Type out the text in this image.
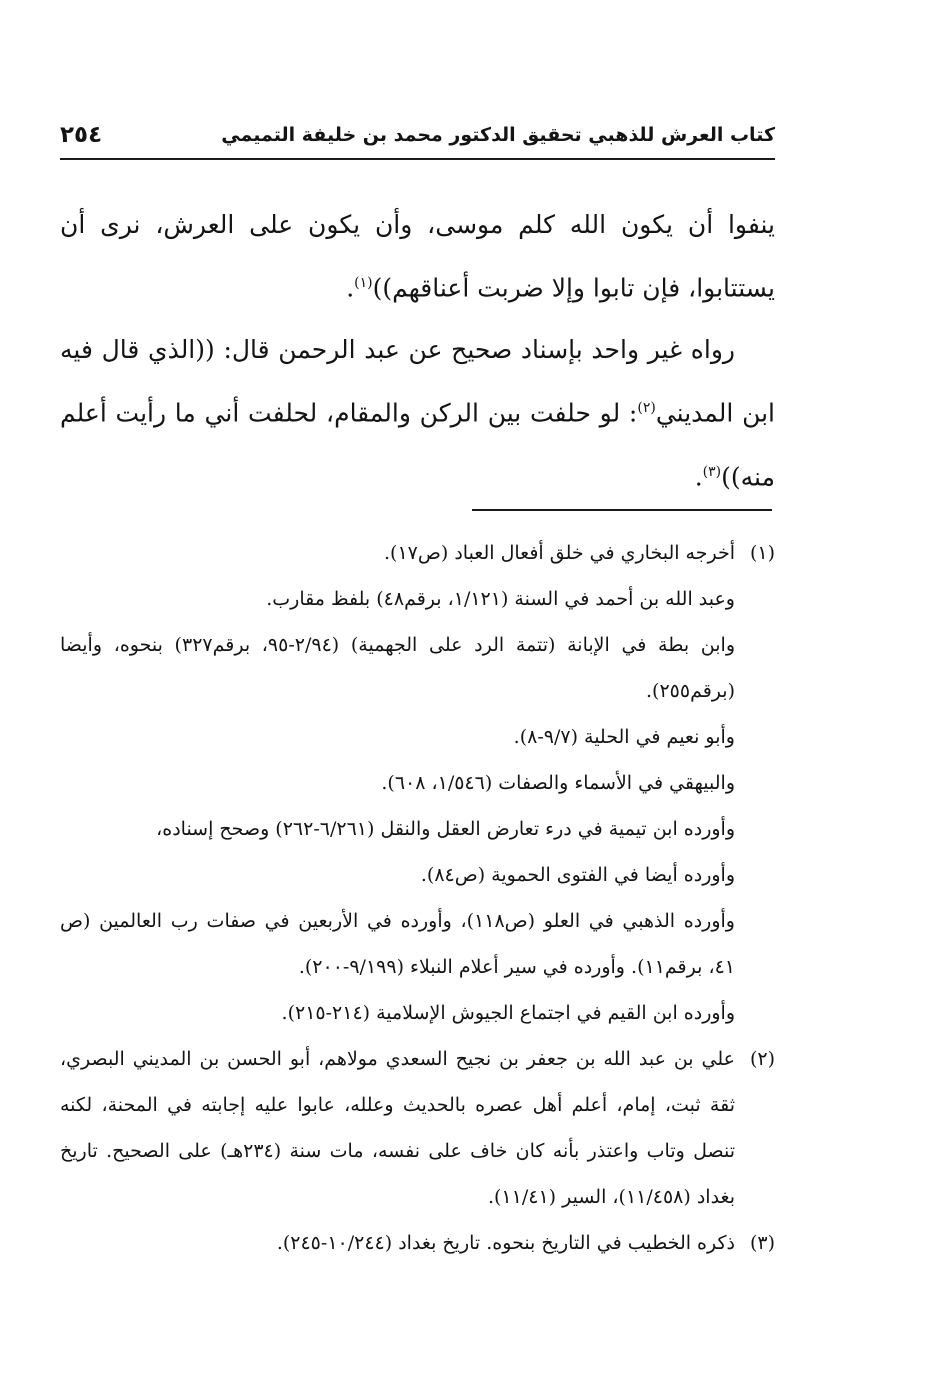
٢٥٤	كتاب العرش للذهبي تحقيق الدكتور محمد بن خليفة التميمي

ينفوا أن يكون الله كلم موسى، وأن يكون على العرش، نرى أن يستتابوا، فإن تابوا وإلا ضربت أعناقهم))$^{(١)}$.

رواه غير واحد بإسناد صحيح عن عبد الرحمن قال: ((الذي قال فيه ابن المديني$^{(٢)}$: لو حلفت بين الركن والمقام، لحلفت أني ما رأيت أعلم منه))$^{(٣)}$.

(١)
أخرجه البخاري في خلق أفعال العباد (ص١٧).
وعبد الله بن أحمد في السنة (١/١٢١، برقم٤٨) بلفظ مقارب.
وابن بطة في الإبانة (تتمة الرد على الجهمية) (٢/٩٤-٩٥، برقم٣٢٧) بنحوه، وأيضا (برقم٢٥٥).
وأبو نعيم في الحلية (٩/٧-٨).
والبيهقي في الأسماء والصفات (١/٥٤٦، ٦٠٨).
وأورده ابن تيمية في درء تعارض العقل والنقل (٦/٢٦١-٢٦٢) وصحح إسناده،
وأورده أيضا في الفتوى الحموية (ص٨٤).
وأورده الذهبي في العلو (ص١١٨)، وأورده في الأربعين في صفات رب العالمين (ص ٤١، برقم١١). وأورده في سير أعلام النبلاء (٩/١٩٩-٢٠٠).
وأورده ابن القيم في اجتماع الجيوش الإسلامية (٢١٤-٢١٥).
(٢)
علي بن عبد الله بن جعفر بن نجيح السعدي مولاهم، أبو الحسن بن المديني البصري، ثقة ثبت، إمام، أعلم أهل عصره بالحديث وعلله، عابوا عليه إجابته في المحنة، لكنه تنصل وتاب واعتذر بأنه كان خاف على نفسه، مات سنة (٢٣٤هـ) على الصحيح. تاريخ بغداد (١١/٤٥٨)، السير (١١/٤١).
(٣)
ذكره الخطيب في التاريخ بنحوه. تاريخ بغداد (١٠/٢٤٤-٢٤٥).
